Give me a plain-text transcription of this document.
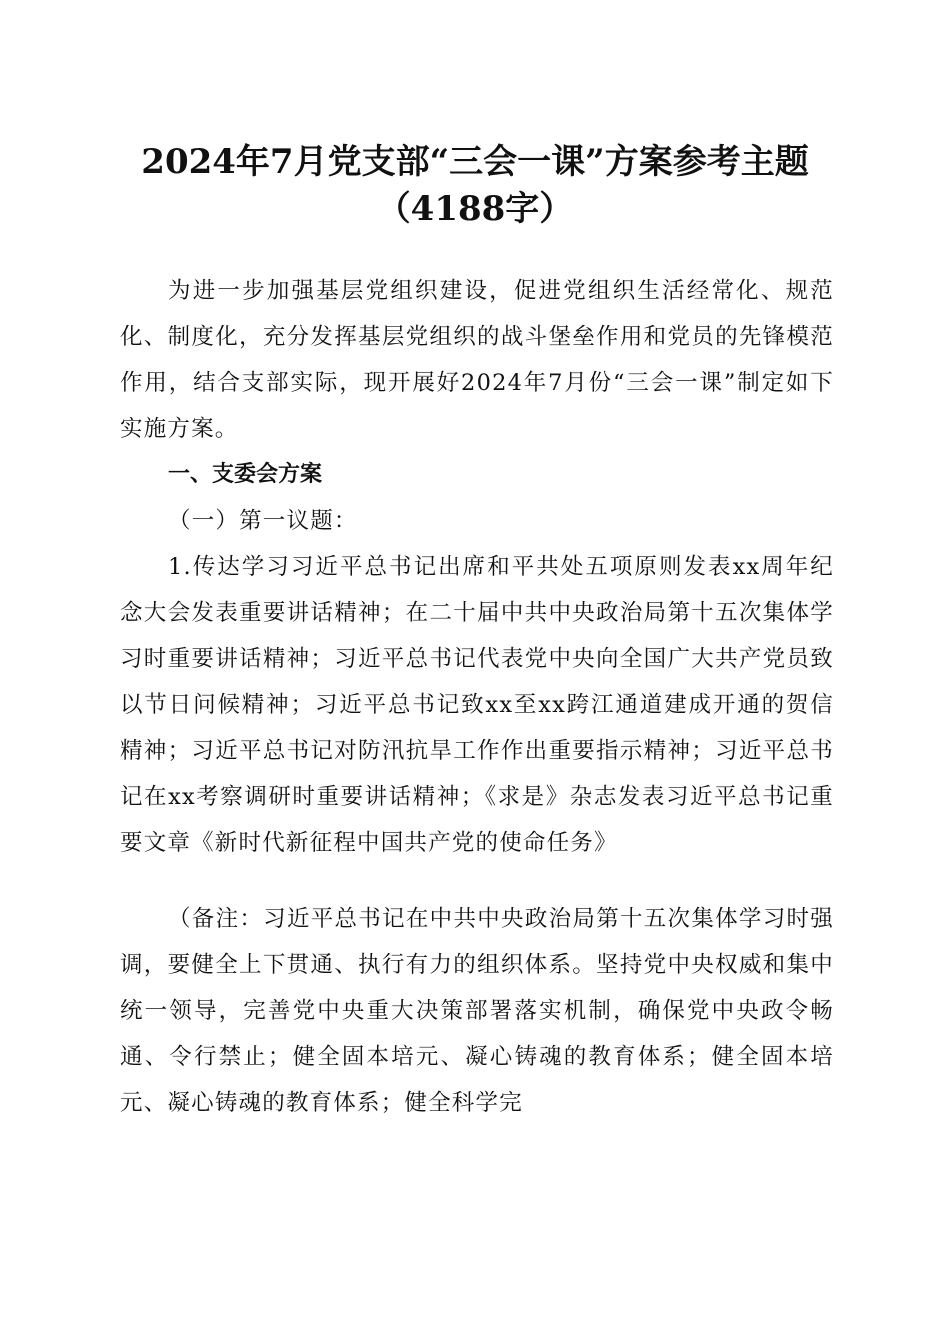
2024年7月党支部“三会一课”方案参考主题
（4188字）

为进一步加强基层党组织建设，促进党组织生活经常化、规范化、制度化，充分发挥基层党组织的战斗堡垒作用和党员的先锋模范作用，结合支部实际，现开展好2024年7月份“三会一课”制定如下实施方案。

一、支委会方案

（一）第一议题：

1.传达学习习近平总书记出席和平共处五项原则发表xx周年纪念大会发表重要讲话精神；在二十届中共中央政治局第十五次集体学习时重要讲话精神；习近平总书记代表党中央向全国广大共产党员致以节日问候精神；习近平总书记致xx至xx跨江通道建成开通的贺信精神；习近平总书记对防汛抗旱工作作出重要指示精神；习近平总书记在xx考察调研时重要讲话精神；《求是》杂志发表习近平总书记重要文章《新时代新征程中国共产党的使命任务》

（备注：习近平总书记在中共中央政治局第十五次集体学习时强调，要健全上下贯通、执行有力的组织体系。坚持党中央权威和集中统一领导，完善党中央重大决策部署落实机制，确保党中央政令畅通、令行禁止；健全固本培元、凝心铸魂的教育体系；健全固本培元、凝心铸魂的教育体系；健全科学完
